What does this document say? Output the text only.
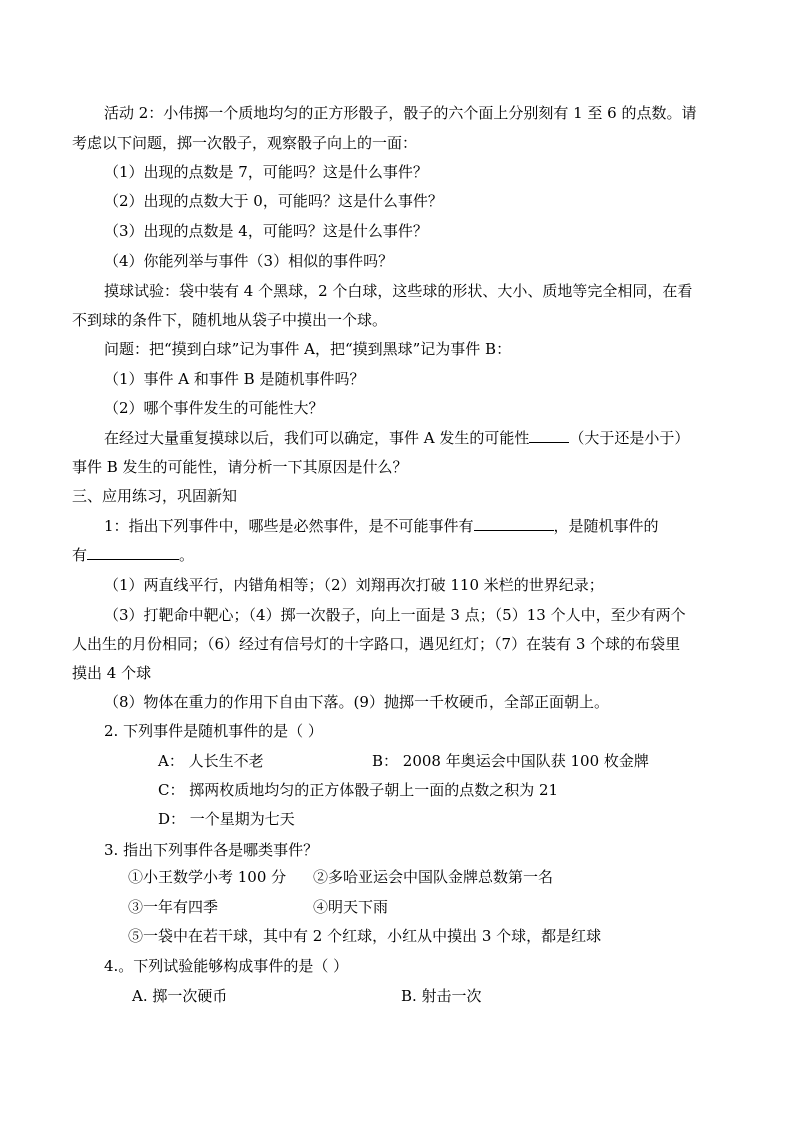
活动 2：小伟掷一个质地均匀的正方形骰子，骰子的六个面上分别刻有 1 至 6 的点数。请
考虑以下问题，掷一次骰子，观察骰子向上的一面：
（1）出现的点数是 7，可能吗？这是什么事件？
（2）出现的点数大于 0，可能吗？这是什么事件？
（3）出现的点数是 4，可能吗？这是什么事件？
（4）你能列举与事件（3）相似的事件吗？
摸球试验：袋中装有 4 个黑球，2 个白球，这些球的形状、大小、质地等完全相同，在看
不到球的条件下，随机地从袋子中摸出一个球。
问题：把“摸到白球”记为事件 A，把“摸到黑球”记为事件 B：
（1）事件 A 和事件 B 是随机事件吗？
（2）哪个事件发生的可能性大？
在经过大量重复摸球以后，我们可以确定，事件 A 发生的可能性	（大于还是小于）
事件 B 发生的可能性，请分析一下其原因是什么？
三、应用练习，巩固新知
1：指出下列事件中，哪些是必然事件，是不可能事件有	，是随机事件的
有	。
（1）两直线平行，内错角相等；（2）刘翔再次打破 110 米栏的世界纪录；
（3）打靶命中靶心；（4）掷一次骰子，向上一面是 3 点；（5）13 个人中，至少有两个
人出生的月份相同；（6）经过有信号灯的十字路口，遇见红灯；（7）在装有 3 个球的布袋里
摸出 4 个球
（8）物体在重力的作用下自由下落。(9）抛掷一千枚硬币，全部正面朝上。
2. 下列事件是随机事件的是（ ）
A： 人长生不老	B： 2008 年奥运会中国队获 100 枚金牌
C： 掷两枚质地均匀的正方体骰子朝上一面的点数之积为 21
D： 一个星期为七天
3. 指出下列事件各是哪类事件？
①小王数学小考 100 分 ②多哈亚运会中国队金牌总数第一名
③一年有四季	④明天下雨
⑤一袋中在若干球，其中有 2 个红球，小红从中摸出 3 个球，都是红球
4.。下列试验能够构成事件的是（ ）
A. 掷一次硬币	B. 射击一次
